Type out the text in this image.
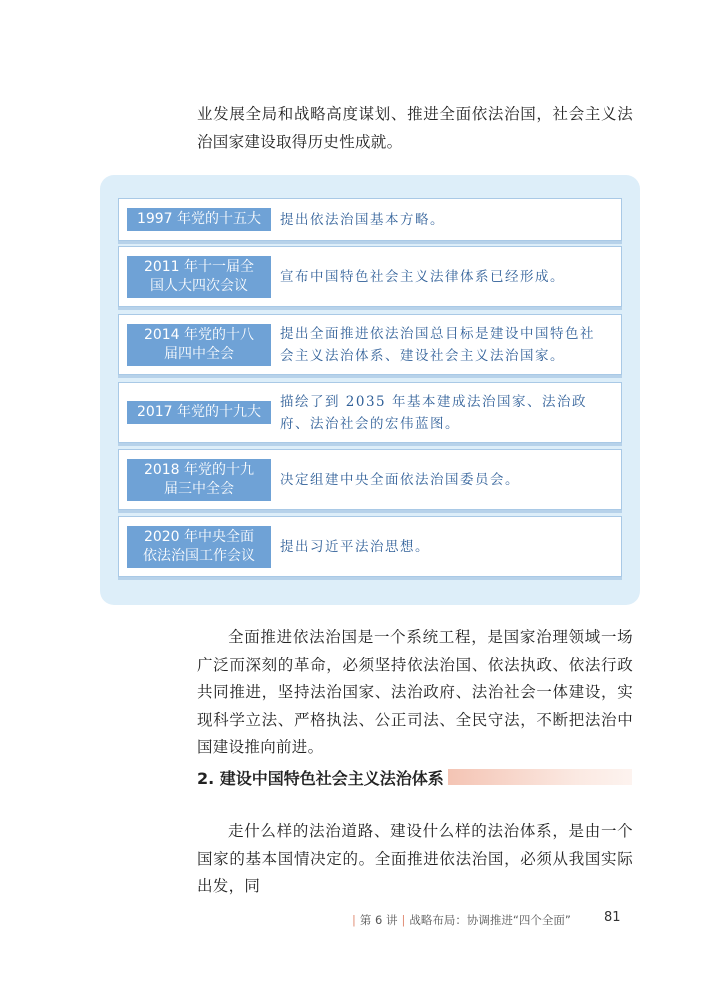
业发展全局和战略高度谋划、推进全面依法治国，社会主义法治国家建设取得历史性成就。

1997 年党的十五大	提出依法治国基本方略。
2011 年十一届全国人大四次会议
宣布中国特色社会主义法律体系已经形成。
2014 年党的十八届四中全会
提出全面推进依法治国总目标是建设中国特色社会主义法治体系、建设社会主义法治国家。
2017 年党的十九大
描绘了到 2035 年基本建成法治国家、法治政府、法治社会的宏伟蓝图。
2018 年党的十九届三中全会
决定组建中央全面依法治国委员会。
2020 年中央全面依法治国工作会议
提出习近平法治思想。

全面推进依法治国是一个系统工程，是国家治理领域一场广泛而深刻的革命，必须坚持依法治国、依法执政、依法行政共同推进，坚持法治国家、法治政府、法治社会一体建设，实现科学立法、严格执法、公正司法、全民守法，不断把法治中国建设推向前进。

2. 建设中国特色社会主义法治体系

走什么样的法治道路、建设什么样的法治体系，是由一个国家的基本国情决定的。全面推进依法治国，必须从我国实际出发，同

| 第 6 讲 | 战略布局：协调推进“四个全面”	81
